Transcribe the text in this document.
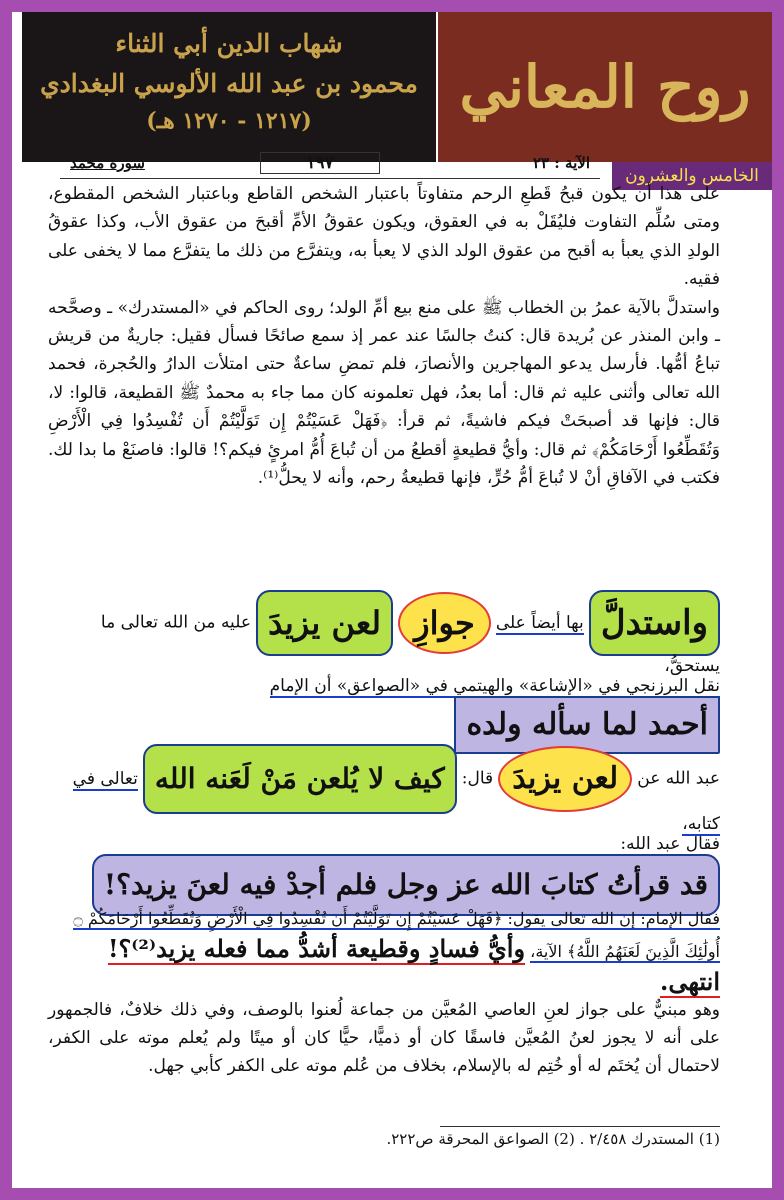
شهاب الدين أبي الثناء
محمود بن عبد الله الألوسي البغدادي
(١٢١٧ - ١٢٧٠ هـ)	روح المعاني
الخامس والعشرون
الآية : ٢٣
١٩٧
سورة محمد

على هذا أن يكون قبحُ قَطعِ الرحم متفاوتاً باعتبار الشخص القاطع وباعتبار الشخص المقطوع، ومتى سُلِّم التفاوت فليُقَلْ به في العقوق، ويكون عقوقُ الأمِّ أقبحَ من عقوق الأب، وكذا عقوقُ الولدِ الذي يعبأ به أقبح من عقوق الولد الذي لا يعبأ به، ويتفرَّع من ذلك ما يتفرَّع مما لا يخفى على فقيه.

واستدلَّ بالآية عمرُ بن الخطاب ﷺ على منع بيع أمِّ الولد؛ روى الحاكم في «المستدرك» ـ وصحَّحه ـ وابن المنذر عن بُريدة قال: كنتُ جالسًا عند عمر إذ سمع صائحًا فسأل فقيل: جاريةٌ من قريش تباعُ أمُّها. فأرسل يدعو المهاجرين والأنصارَ، فلم تمضِ ساعةٌ حتى امتلأت الدارُ والحُجرة، فحمد الله تعالى وأثنى عليه ثم قال: أما بعدُ، فهل تعلمونه كان مما جاء به محمدٌ ﷺ القطيعة، قالوا: لا، قال: فإنها قد أصبحَتْ فيكم فاشيةً، ثم قرأ: ﴿فَهَلْ عَسَيْتُمْ إِن تَوَلَّيْتُمْ أَن تُفْسِدُوا فِي الْأَرْضِ وَتُقَطِّعُوا أَرْحَامَكُمْ﴾ ثم قال: وأيُّ قطيعةٍ أقطعُ من أن تُباعَ أُمُّ امرئٍ فيكم؟! قالوا: فاصنَعْ ما بدا لك. فكتب في الآفاقِ أنْ لا تُباعَ أمُّ حُرٍّ، فإنها قطيعةُ رحم، وأنه لا يحلُّ⁽¹⁾.

واستدلَّ بها أيضاً على جوازِ لعن يزيدَ عليه من الله تعالى ما يستحقُّ،
نقل البرزنجي في «الإشاعة» والهيتمي في «الصواعق» أن الإمام أحمد لما سأله ولده
عبد الله عن لعن يزيدَ قال: كيف لا يُلعن مَنْ لَعَنه الله تعالى في كتابه،
فقال عبد الله: قد قرأتُ كتابَ الله عز وجل فلم أجدْ فيه لعنَ يزيد؟!
فقال الإمام: إن الله تعالى يقول: ﴿فَهَلْ عَسَيْتُمْ إِن تَوَلَّيْتُمْ أَن تُفْسِدُوا فِي الْأَرْضِ وَتُقَطِّعُوا أَرْحَامَكُمْ ۝ أُولَٰئِكَ الَّذِينَ لَعَنَهُمُ اللَّهُ﴾ الآية، وأيُّ فسادٍ وقطيعة أشدُّ مما فعله يزيد⁽²⁾؟! انتهى.
وهو مبنيٌّ على جواز لعنِ العاصي المُعيَّن من جماعة لُعنوا بالوصف، وفي ذلك خلافٌ، فالجمهور على أنه لا يجوز لعنُ المُعيَّن فاسقًا كان أو ذميًّا، حيًّا كان أو ميتًا ولم يُعلم موته على الكفر، لاحتمال أن يُختَم له أو خُتِم له بالإسلام، بخلاف من عُلم موته على الكفر كأبي جهل.
(1) المستدرك ٢/٤٥٨ . (2) الصواعق المحرقة ص٢٢٢.
